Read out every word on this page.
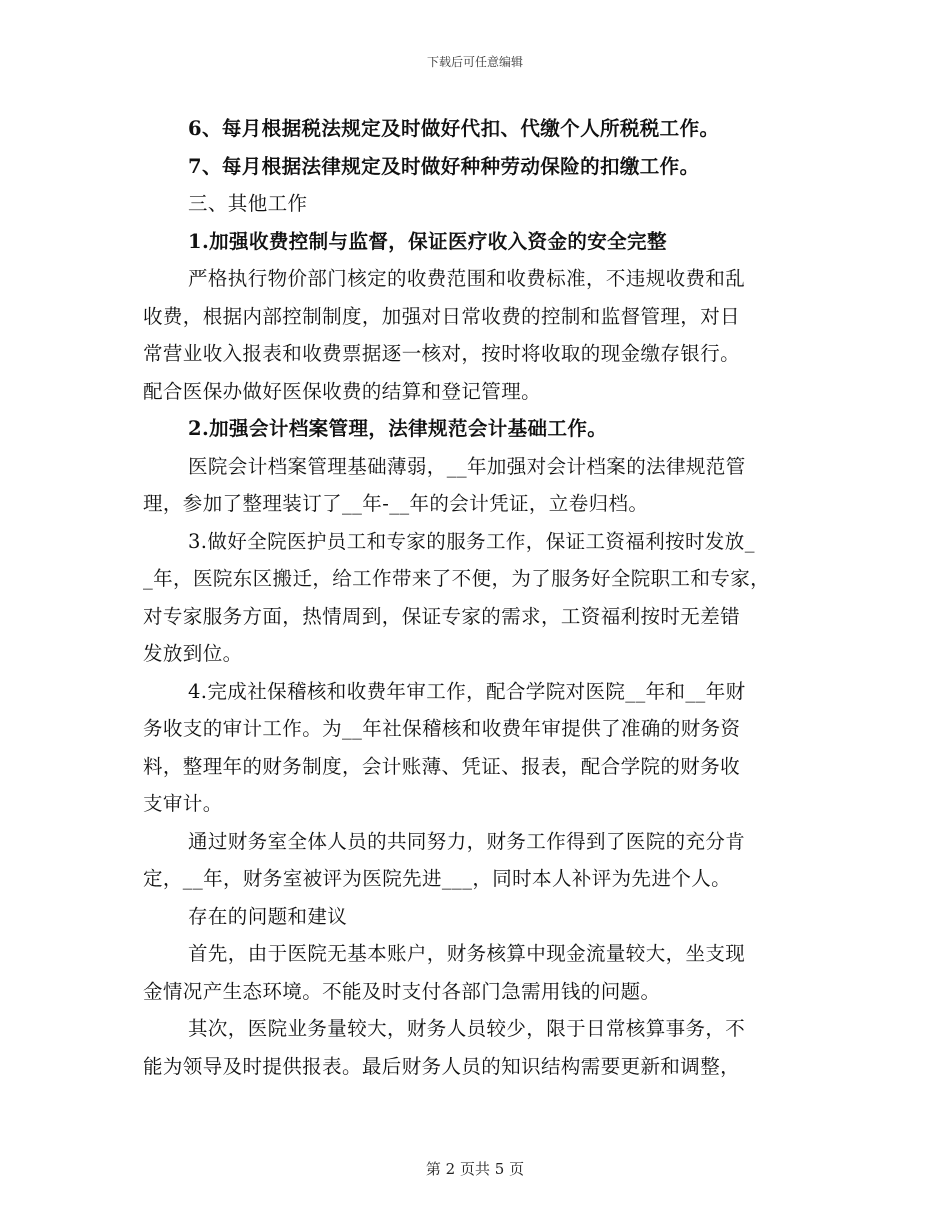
下载后可任意编辑
6、每月根据税法规定及时做好代扣、代缴个人所税税工作。
7、每月根据法律规定及时做好种种劳动保险的扣缴工作。
三、其他工作
1.加强收费控制与监督，保证医疗收入资金的安全完整
严格执行物价部门核定的收费范围和收费标准，不违规收费和乱
收费，根据内部控制制度，加强对日常收费的控制和监督管理，对日
常营业收入报表和收费票据逐一核对，按时将收取的现金缴存银行。
配合医保办做好医保收费的结算和登记管理。
2.加强会计档案管理，法律规范会计基础工作。
医院会计档案管理基础薄弱，__年加强对会计档案的法律规范管
理，参加了整理装订了__年-__年的会计凭证，立卷归档。
3.做好全院医护员工和专家的服务工作，保证工资福利按时发放_
_年，医院东区搬迁，给工作带来了不便，为了服务好全院职工和专家，
对专家服务方面，热情周到，保证专家的需求，工资福利按时无差错
发放到位。
4.完成社保稽核和收费年审工作，配合学院对医院__年和__年财
务收支的审计工作。为__年社保稽核和收费年审提供了准确的财务资
料，整理年的财务制度，会计账薄、凭证、报表，配合学院的财务收
支审计。
通过财务室全体人员的共同努力，财务工作得到了医院的充分肯
定，__年，财务室被评为医院先进___，同时本人补评为先进个人。
存在的问题和建议
首先，由于医院无基本账户，财务核算中现金流量较大，坐支现
金情况产生态环境。不能及时支付各部门急需用钱的问题。
其次，医院业务量较大，财务人员较少，限于日常核算事务，不
能为领导及时提供报表。最后财务人员的知识结构需要更新和调整，
第 2 页共 5 页
